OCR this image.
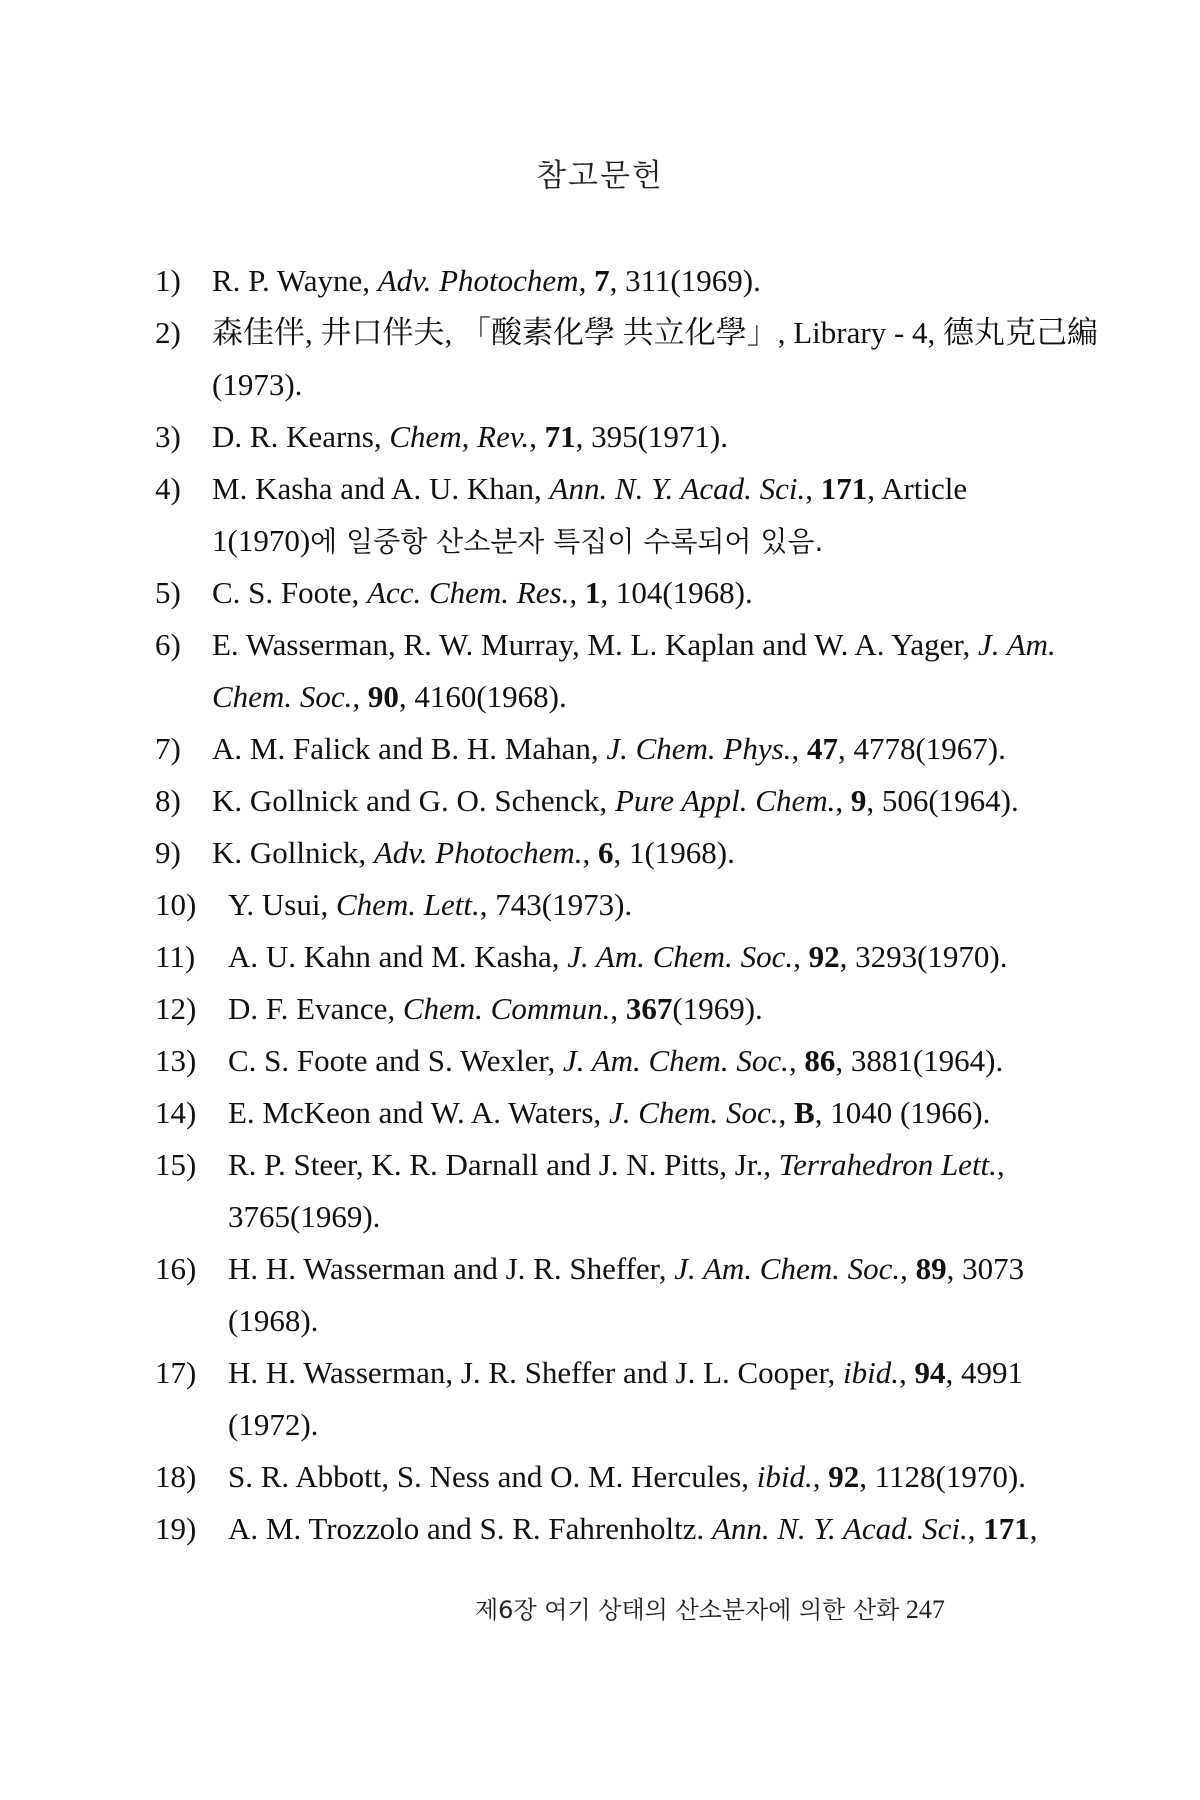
참고문헌
1) R. P. Wayne, Adv. Photochem, 7, 311(1969).
2) 森佳伴, 井口伴夫, 「酸素化學 共立化學」, Library - 4, 德丸克己編
(1973).
3) D. R. Kearns, Chem, Rev., 71, 395(1971).
4) M. Kasha and A. U. Khan, Ann. N. Y. Acad. Sci., 171, Article
1(1970)에 일중항 산소분자 특집이 수록되어 있음.
5) C. S. Foote, Acc. Chem. Res., 1, 104(1968).
6) E. Wasserman, R. W. Murray, M. L. Kaplan and W. A. Yager, J. Am.
Chem. Soc., 90, 4160(1968).
7) A. M. Falick and B. H. Mahan, J. Chem. Phys., 47, 4778(1967).
8) K. Gollnick and G. O. Schenck, Pure Appl. Chem., 9, 506(1964).
9) K. Gollnick, Adv. Photochem., 6, 1(1968).
10) Y. Usui, Chem. Lett., 743(1973).
11) A. U. Kahn and M. Kasha, J. Am. Chem. Soc., 92, 3293(1970).
12) D. F. Evance, Chem. Commun., 367(1969).
13) C. S. Foote and S. Wexler, J. Am. Chem. Soc., 86, 3881(1964).
14) E. McKeon and W. A. Waters, J. Chem. Soc., B, 1040 (1966).
15) R. P. Steer, K. R. Darnall and J. N. Pitts, Jr., Terrahedron Lett.,
3765(1969).
16) H. H. Wasserman and J. R. Sheffer, J. Am. Chem. Soc., 89, 3073
(1968).
17) H. H. Wasserman, J. R. Sheffer and J. L. Cooper, ibid., 94, 4991
(1972).
18) S. R. Abbott, S. Ness and O. M. Hercules, ibid., 92, 1128(1970).
19) A. M. Trozzolo and S. R. Fahrenholtz. Ann. N. Y. Acad. Sci., 171,
제6장 여기 상태의 산소분자에 의한 산화 247
